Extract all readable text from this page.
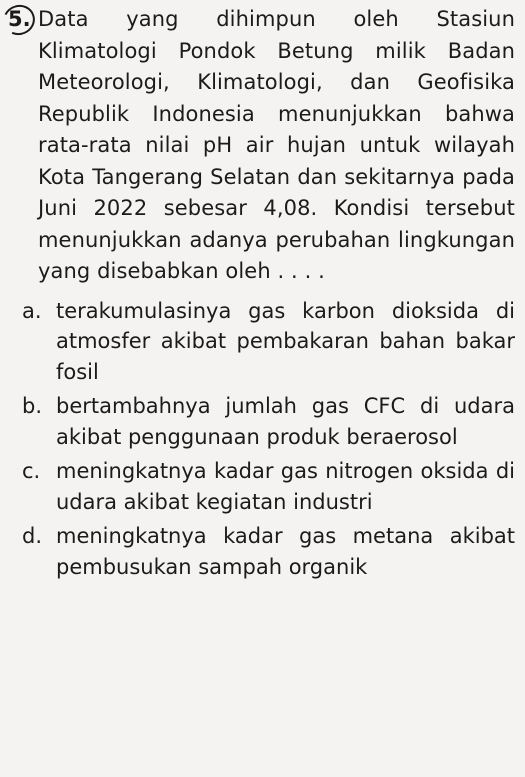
5. Data yang dihimpun oleh Stasiun Klimatologi Pondok Betung milik Badan Meteorologi, Klimatologi, dan Geofisika Republik Indonesia menunjukkan bahwa rata-rata nilai pH air hujan untuk wilayah Kota Tangerang Selatan dan sekitarnya pada Juni 2022 sebesar 4,08. Kondisi tersebut menunjukkan adanya perubahan lingkungan yang disebabkan oleh . . . .
a. terakumulasinya gas karbon dioksida di atmosfer akibat pembakaran bahan bakar fosil
b. bertambahnya jumlah gas CFC di udara akibat penggunaan produk beraerosol
c. meningkatnya kadar gas nitrogen oksida di udara akibat kegiatan industri
d. meningkatnya kadar gas metana akibat pembusukan sampah organik
